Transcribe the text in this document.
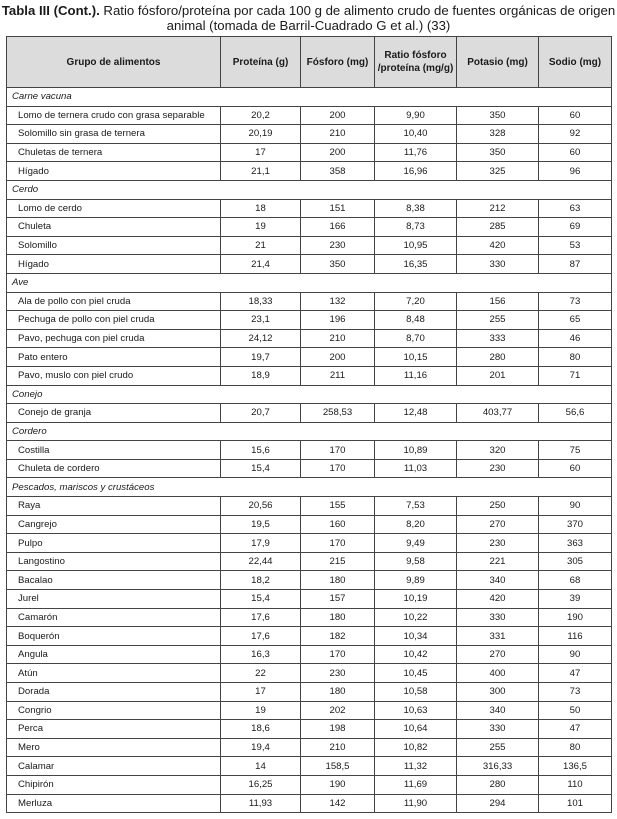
Tabla III (Cont.). Ratio fósforo/proteína por cada 100 g de alimento crudo de fuentes orgánicas de origen animal (tomada de Barril-Cuadrado G et al.) (33)
Grupo de alimentos	Proteína (g)	Fósforo (mg)	Ratio fósforo /proteína (mg/g)	Potasio (mg)	Sodio (mg)
Carne vacuna					
Lomo de ternera crudo con grasa separable	20,2	200	9,90	350	60
Solomillo sin grasa de ternera	20,19	210	10,40	328	92
Chuletas de ternera	17	200	11,76	350	60
Hígado	21,1	358	16,96	325	96
Cerdo					
Lomo de cerdo	18	151	8,38	212	63
Chuleta	19	166	8,73	285	69
Solomillo	21	230	10,95	420	53
Hígado	21,4	350	16,35	330	87
Ave					
Ala de pollo con piel cruda	18,33	132	7,20	156	73
Pechuga de pollo con piel cruda	23,1	196	8,48	255	65
Pavo, pechuga con piel cruda	24,12	210	8,70	333	46
Pato entero	19,7	200	10,15	280	80
Pavo, muslo con piel crudo	18,9	211	11,16	201	71
Conejo					
Conejo de granja	20,7	258,53	12,48	403,77	56,6
Cordero					
Costilla	15,6	170	10,89	320	75
Chuleta de cordero	15,4	170	11,03	230	60
Pescados, mariscos y crustáceos					
Raya	20,56	155	7,53	250	90
Cangrejo	19,5	160	8,20	270	370
Pulpo	17,9	170	9,49	230	363
Langostino	22,44	215	9,58	221	305
Bacalao	18,2	180	9,89	340	68
Jurel	15,4	157	10,19	420	39
Camarón	17,6	180	10,22	330	190
Boquerón	17,6	182	10,34	331	116
Angula	16,3	170	10,42	270	90
Atún	22	230	10,45	400	47
Dorada	17	180	10,58	300	73
Congrio	19	202	10,63	340	50
Perca	18,6	198	10,64	330	47
Mero	19,4	210	10,82	255	80
Calamar	14	158,5	11,32	316,33	136,5
Chipirón	16,25	190	11,69	280	110
Merluza	11,93	142	11,90	294	101
